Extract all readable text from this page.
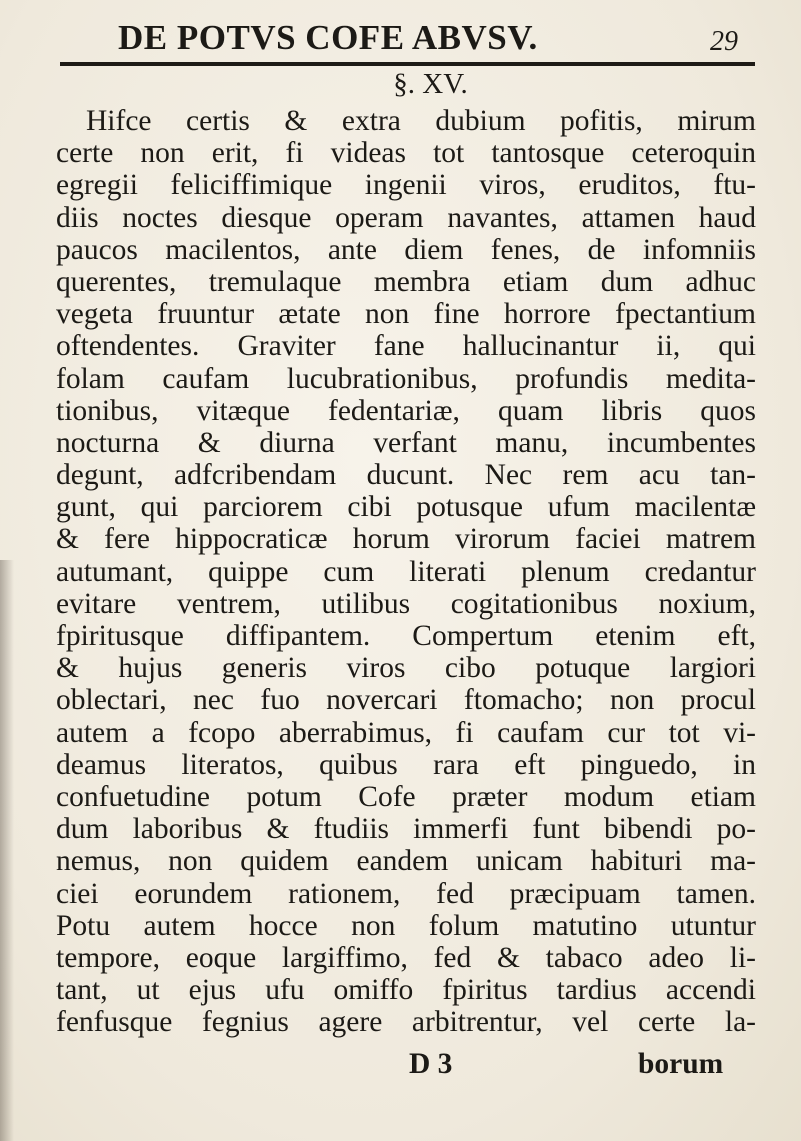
DE POTVS COFE ABVSV.	29
§. XV.
Hifce certis & extra dubium pofitis, mirum
certe non erit, fi videas tot tantosque ceteroquin
egregii feliciffimique ingenii viros, eruditos, ftu-
diis noctes diesque operam navantes, attamen haud
paucos macilentos, ante diem fenes, de infomniis
querentes, tremulaque membra etiam dum adhuc
vegeta fruuntur ætate non fine horrore fpectantium
oftendentes. Graviter fane hallucinantur ii, qui
folam caufam lucubrationibus, profundis medita-
tionibus, vitæque fedentariæ, quam libris quos
nocturna & diurna verfant manu, incumbentes
degunt, adfcribendam ducunt. Nec rem acu tan-
gunt, qui parciorem cibi potusque ufum macilentæ
& fere hippocraticæ horum virorum faciei matrem
autumant, quippe cum literati plenum credantur
evitare ventrem, utilibus cogitationibus noxium,
fpiritusque diffipantem. Compertum etenim eft,
& hujus generis viros cibo potuque largiori
oblectari, nec fuo novercari ftomacho; non procul
autem a fcopo aberrabimus, fi caufam cur tot vi-
deamus literatos, quibus rara eft pinguedo, in
confuetudine potum Cofe præter modum etiam
dum laboribus & ftudiis immerfi funt bibendi po-
nemus, non quidem eandem unicam habituri ma-
ciei eorundem rationem, fed præcipuam tamen.
Potu autem hocce non folum matutino utuntur
tempore, eoque largiffimo, fed & tabaco adeo li-
tant, ut ejus ufu omiffo fpiritus tardius accendi
fenfusque fegnius agere arbitrentur, vel certe la-
D 3	borum
